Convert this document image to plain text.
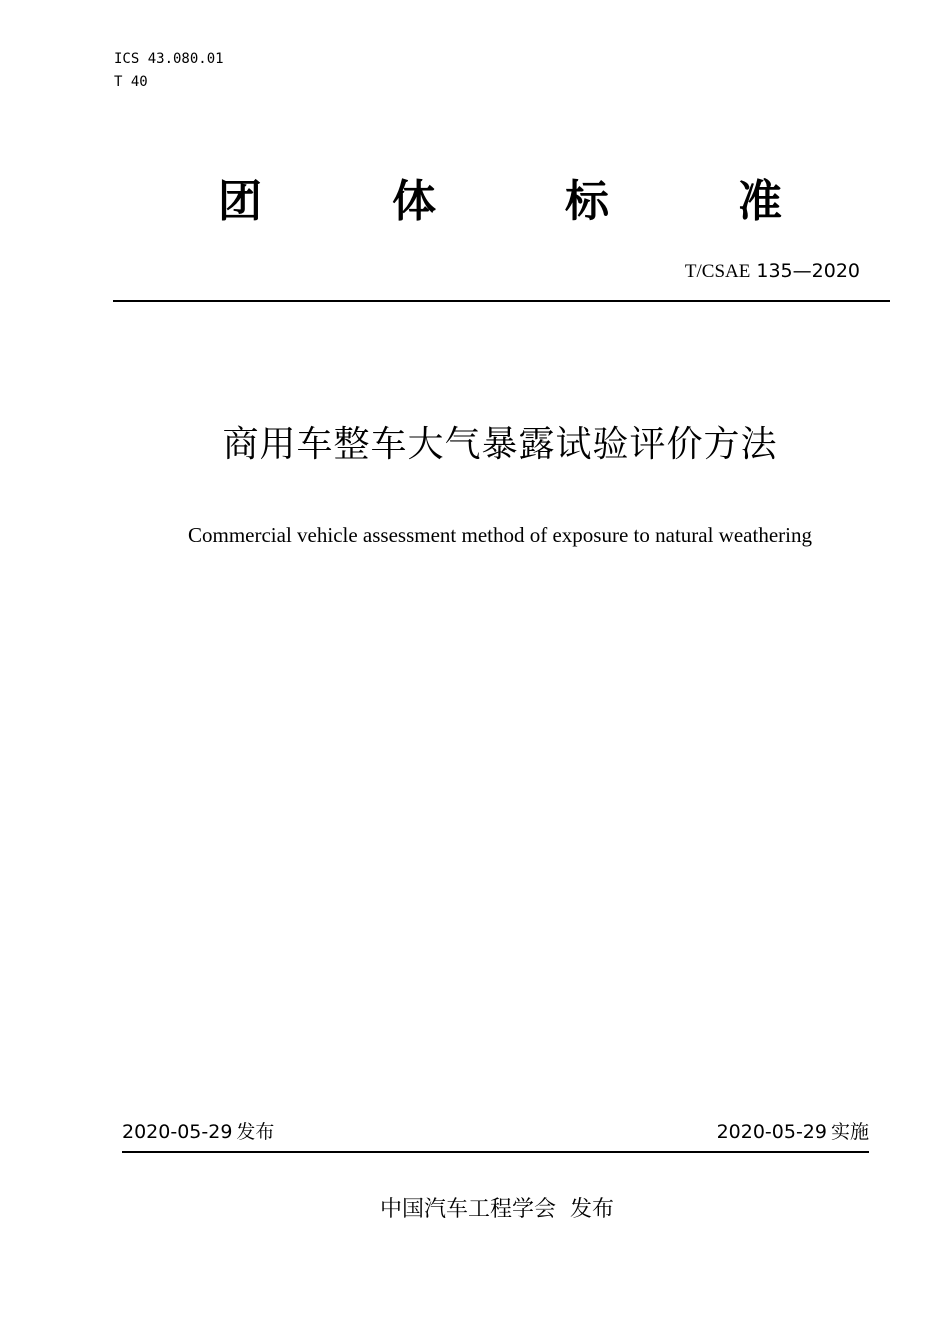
ICS 43.080.01
T 40
团	体	标	准
T/CSAE 135—2020
商用车整车大气暴露试验评价方法
Commercial vehicle assessment method of exposure to natural weathering
2020-05-29 发布	2020-05-29 实施
中国汽车工程学会 发布
